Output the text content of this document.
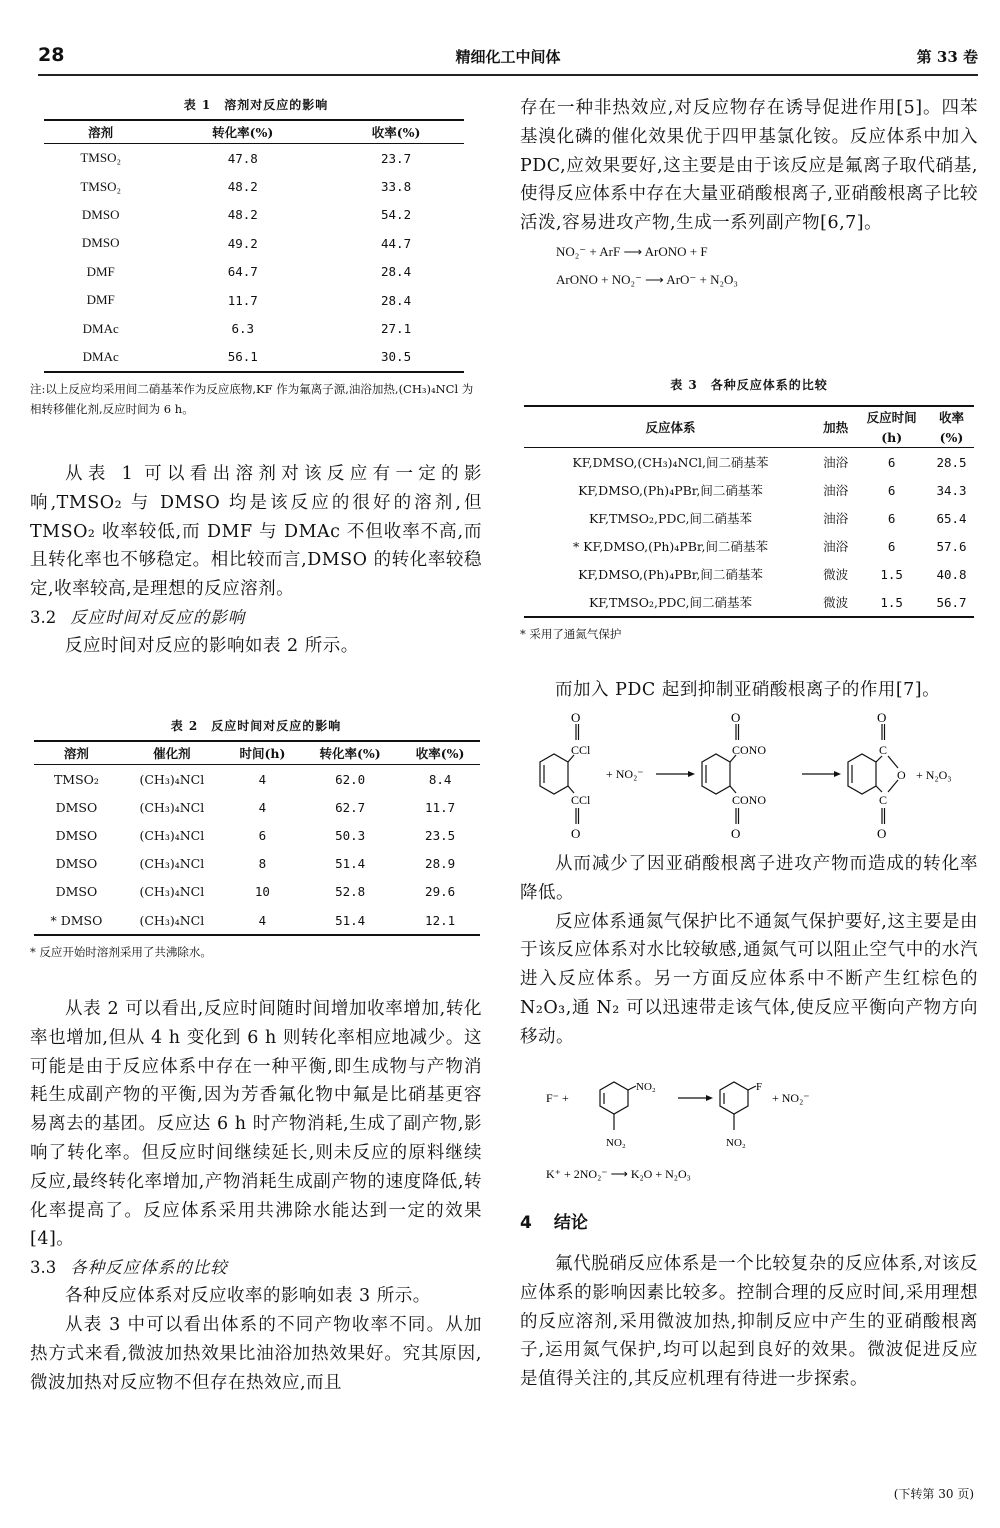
28	精细化工中间体	第 33 卷
表 1　溶剂对反应的影响
溶剂	转化率(%)	收率(%)
TMSO₂	47.8	23.7
TMSO₂	48.2	33.8
DMSO	48.2	54.2
DMSO	49.2	44.7
DMF	64.7	28.4
DMF	11.7	28.4
DMAc	6.3	27.1
DMAc	56.1	30.5
注:以上反应均采用间二硝基苯作为反应底物,KF 作为氟离子源,油浴加热,(CH₃)₄NCl 为相转移催化剂,反应时间为 6 h。

从表 1 可以看出溶剂对该反应有一定的影响,TMSO₂ 与 DMSO 均是该反应的很好的溶剂,但 TMSO₂ 收率较低,而 DMF 与 DMAc 不但收率不高,而且转化率也不够稳定。相比较而言,DMSO 的转化率较稳定,收率较高,是理想的反应溶剂。

3.2 反应时间对反应的影响

反应时间对反应的影响如表 2 所示。

表 2　反应时间对反应的影响
溶剂	催化剂	时间(h)	转化率(%)	收率(%)
TMSO₂	(CH₃)₄NCl	4	62.0	8.4
DMSO	(CH₃)₄NCl	4	62.7	11.7
DMSO	(CH₃)₄NCl	6	50.3	23.5
DMSO	(CH₃)₄NCl	8	51.4	28.9
DMSO	(CH₃)₄NCl	10	52.8	29.6
* DMSO	(CH₃)₄NCl	4	51.4	12.1
* 反应开始时溶剂采用了共沸除水。

从表 2 可以看出,反应时间随时间增加收率增加,转化率也增加,但从 4 h 变化到 6 h 则转化率相应地减少。这可能是由于反应体系中存在一种平衡,即生成物与产物消耗生成副产物的平衡,因为芳香氟化物中氟是比硝基更容易离去的基团。反应达 6 h 时产物消耗,生成了副产物,影响了转化率。但反应时间继续延长,则未反应的原料继续反应,最终转化率增加,产物消耗生成副产物的速度降低,转化率提高了。反应体系采用共沸除水能达到一定的效果[4]。

3.3 各种反应体系的比较

各种反应体系对反应收率的影响如表 3 所示。

从表 3 中可以看出体系的不同产物收率不同。从加热方式来看,微波加热效果比油浴加热效果好。究其原因,微波加热对反应物不但存在热效应,而且

存在一种非热效应,对反应物存在诱导促进作用[5]。四苯基溴化磷的催化效果优于四甲基氯化铵。反应体系中加入 PDC,应效果要好,这主要是由于该反应是氟离子取代硝基,使得反应体系中存在大量亚硝酸根离子,亚硝酸根离子比较活泼,容易进攻产物,生成一系列副产物[6,7]。

NO₂⁻ + ArF ⟶ ArONO + F
ArONO + NO₂⁻ ⟶ ArO⁻ + N₂O₃
表 3　各种反应体系的比较
反应体系	加热	反应时间	收率
		(h)	(%)
KF,DMSO,(CH₃)₄NCl,间二硝基苯	油浴	6	28.5
KF,DMSO,(Ph)₄PBr,间二硝基苯	油浴	6	34.3
KF,TMSO₂,PDC,间二硝基苯	油浴	6	65.4
* KF,DMSO,(Ph)₄PBr,间二硝基苯	油浴	6	57.6
KF,DMSO,(Ph)₄PBr,间二硝基苯	微波	1.5	40.8
KF,TMSO₂,PDC,间二硝基苯	微波	1.5	56.7
* 采用了通氮气保护

而加入 PDC 起到抑制亚硝酸根离子的作用[7]。

O
CCl
CCl
O
+ NO₂⁻
O
CONO
CONO
O
O
C
C
O
O + N₂O₃

从而减少了因亚硝酸根离子进攻产物而造成的转化率降低。

反应体系通氮气保护比不通氮气保护要好,这主要是由于该反应体系对水比较敏感,通氮气可以阻止空气中的水汽进入反应体系。另一方面反应体系中不断产生红棕色的 N₂O₃,通 N₂ 可以迅速带走该气体,使反应平衡向产物方向移动。

F⁻ +
NO₂
NO₂
F
+ NO₂⁻
NO₂
K⁺ + 2NO₂⁻ ⟶ K₂O + N₂O₃
4 结论

氟代脱硝反应体系是一个比较复杂的反应体系,对该反应体系的影响因素比较多。控制合理的反应时间,采用理想的反应溶剂,采用微波加热,抑制反应中产生的亚硝酸根离子,运用氮气保护,均可以起到良好的效果。微波促进反应是值得关注的,其反应机理有待进一步探索。

(下转第 30 页)
